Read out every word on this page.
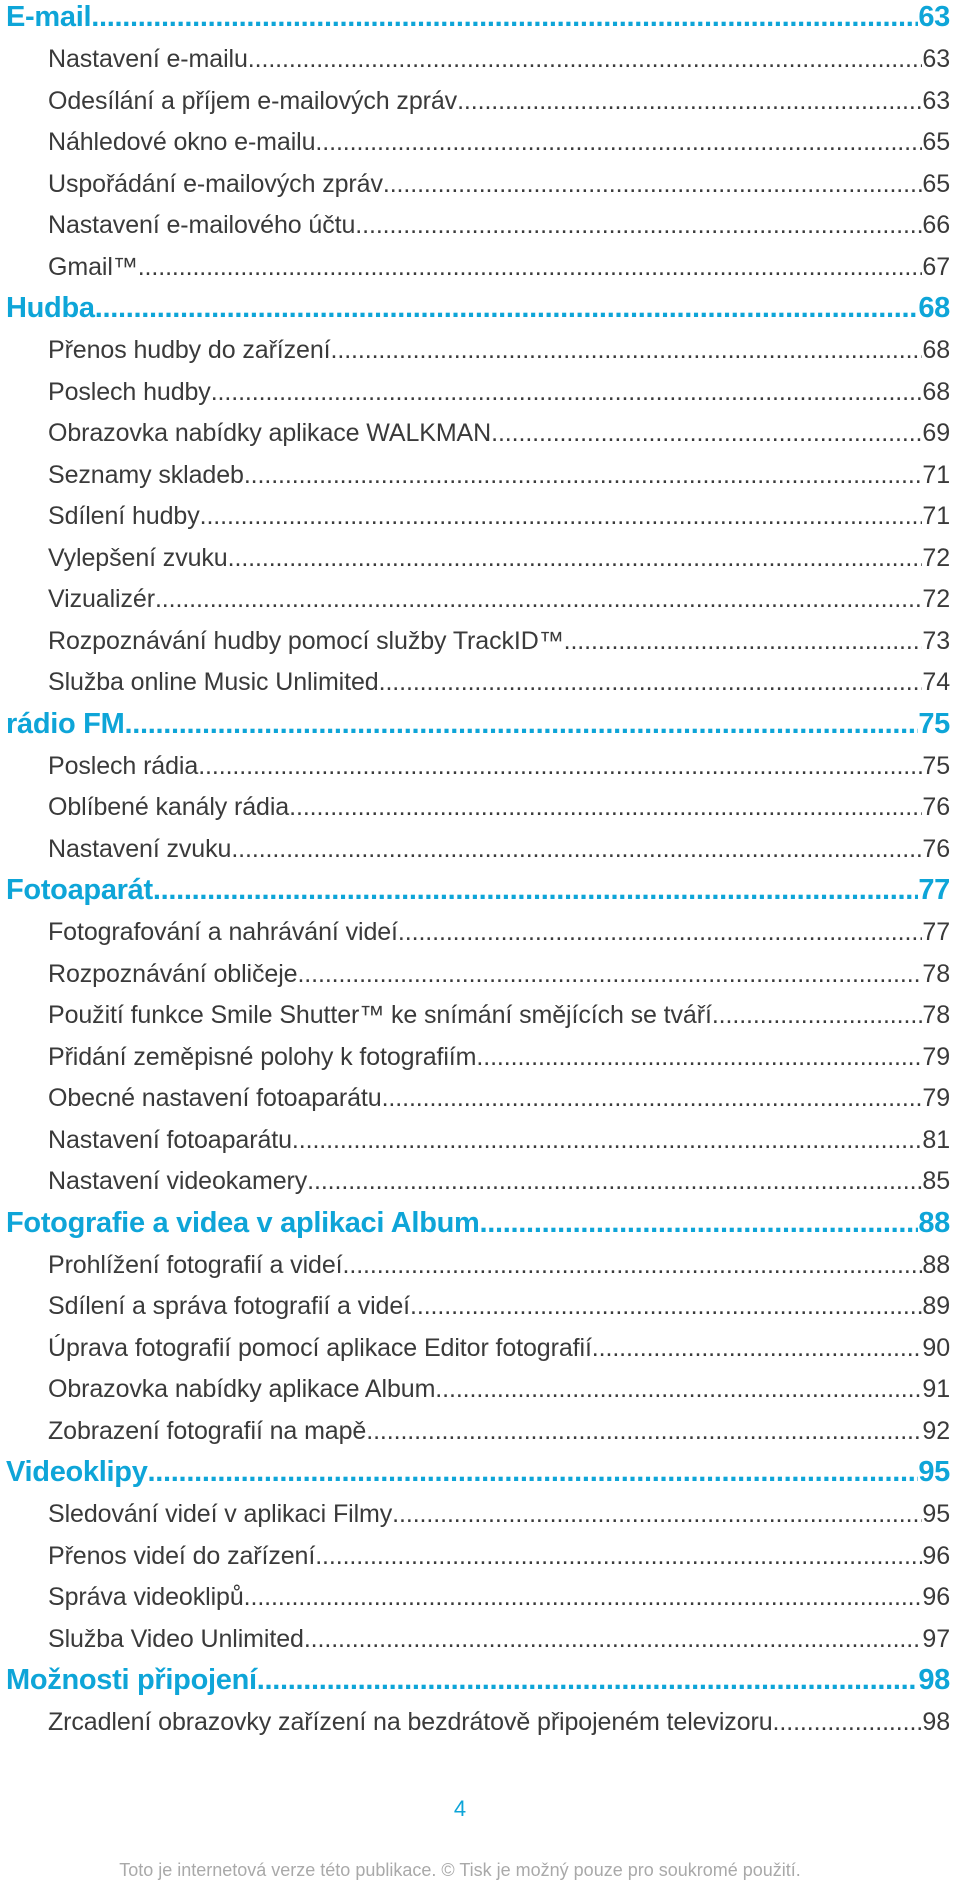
E-mail .....	63
Nastavení e-mailu .....	63
Odesílání a příjem e-mailových zpráv .....	63
Náhledové okno e-mailu .....	65
Uspořádání e-mailových zpráv .....	65
Nastavení e-mailového účtu .....	66
Gmail™ .....	67
Hudba .....	68
Přenos hudby do zařízení .....	68
Poslech hudby .....	68
Obrazovka nabídky aplikace WALKMAN .....	69
Seznamy skladeb .....	71
Sdílení hudby .....	71
Vylepšení zvuku .....	72
Vizualizér .....	72
Rozpoznávání hudby pomocí služby TrackID™ .....	73
Služba online Music Unlimited .....	74
rádio FM .....	75
Poslech rádia .....	75
Oblíbené kanály rádia .....	76
Nastavení zvuku .....	76
Fotoaparát .....	77
Fotografování a nahrávání videí .....	77
Rozpoznávání obličeje .....	78
Použití funkce Smile Shutter™ ke snímání smějících se tváří .....	78
Přidání zeměpisné polohy k fotografiím .....	79
Obecné nastavení fotoaparátu .....	79
Nastavení fotoaparátu .....	81
Nastavení videokamery .....	85
Fotografie a videa v aplikaci Album .....	88
Prohlížení fotografií a videí .....	88
Sdílení a správa fotografií a videí .....	89
Úprava fotografií pomocí aplikace Editor fotografií .....	90
Obrazovka nabídky aplikace Album .....	91
Zobrazení fotografií na mapě .....	92
Videoklipy .....	95
Sledování videí v aplikaci Filmy .....	95
Přenos videí do zařízení .....	96
Správa videoklipů .....	96
Služba Video Unlimited .....	97
Možnosti připojení .....	98
Zrcadlení obrazovky zařízení na bezdrátově připojeném televizoru .....	98
4
Toto je internetová verze této publikace. © Tisk je možný pouze pro soukromé použití.
